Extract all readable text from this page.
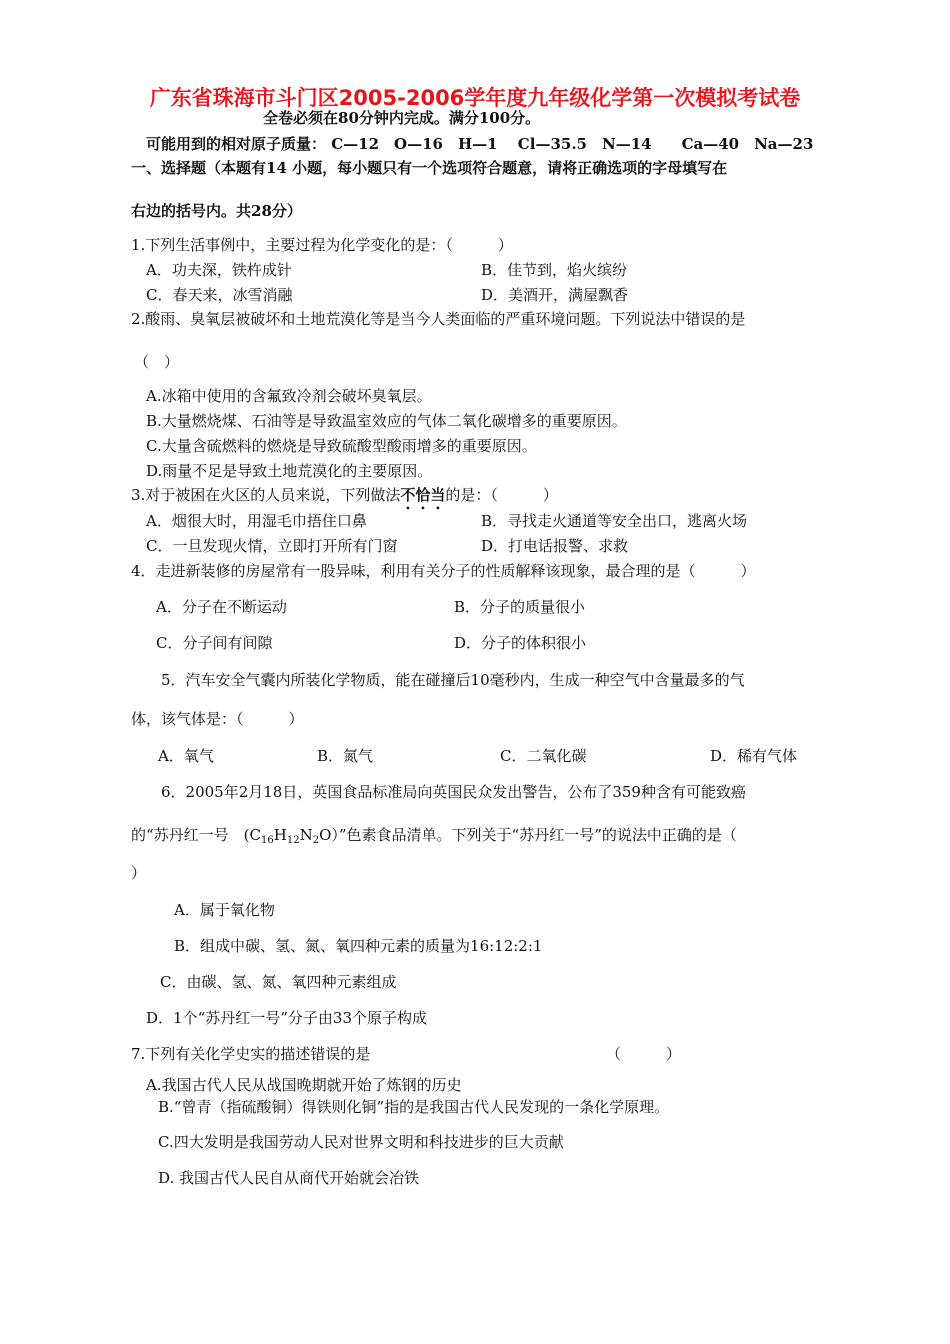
广东省珠海市斗门区2005-2006学年度九年级化学第一次模拟考试卷
全卷必须在80分钟内完成。满分100分。
可能用到的相对原子质量： C—12　O—16　H—1　 Cl—35.5　N—14　　Ca—40　Na—23
一、选择题（本题有14 小题，每小题只有一个选项符合题意，请将正确选项的字母填写在
右边的括号内。共28分）
1.下列生活事例中，主要过程为化学变化的是：（　　　）
A．功夫深，铁杵成针	B．佳节到，焰火缤纷
C．春天来，冰雪消融	D．美酒开，满屋飘香
2.酸雨、臭氧层被破坏和土地荒漠化等是当今人类面临的严重环境问题。下列说法中错误的是
（　）
A.冰箱中使用的含氟致冷剂会破坏臭氧层。
B.大量燃烧煤、石油等是导致温室效应的气体二氧化碳增多的重要原因。
C.大量含硫燃料的燃烧是导致硫酸型酸雨增多的重要原因。
D.雨量不足是导致土地荒漠化的主要原因。
3.对于被困在火区的人员来说，下列做法不恰当的是：（　　　）
A．烟很大时，用湿毛巾捂住口鼻	B．寻找走火通道等安全出口，逃离火场
C．一旦发现火情，立即打开所有门窗	D．打电话报警、求救
4．走进新装修的房屋常有一股异味，利用有关分子的性质解释该现象，最合理的是（　　　）
A．分子在不断运动	B．分子的质量很小
C．分子间有间隙	D．分子的体积很小
5．汽车安全气囊内所装化学物质，能在碰撞后10毫秒内，生成一种空气中含量最多的气
体，该气体是：（　　　）
A．氧气	B．氮气	C．二氧化碳	D．稀有气体
6．2005年2月18日，英国食品标准局向英国民众发出警告，公布了359种含有可能致癌
的“苏丹红一号　$(C_{16}H_{12}N_2O)$”色素食品清单。下列关于“苏丹红一号”的说法中正确的是（
）
A．属于氧化物
B．组成中碳、氢、氮、氧四种元素的质量为16:12:2:1
C．由碳、氢、氮、氧四种元素组成
D．1个“苏丹红一号”分子由33个原子构成
7.下列有关化学史实的描述错误的是	（　　　）
A.我国古代人民从战国晚期就开始了炼钢的历史
B.“曾青（指硫酸铜）得铁则化铜”指的是我国古代人民发现的一条化学原理。
C.四大发明是我国劳动人民对世界文明和科技进步的巨大贡献
D. 我国古代人民自从商代开始就会冶铁
